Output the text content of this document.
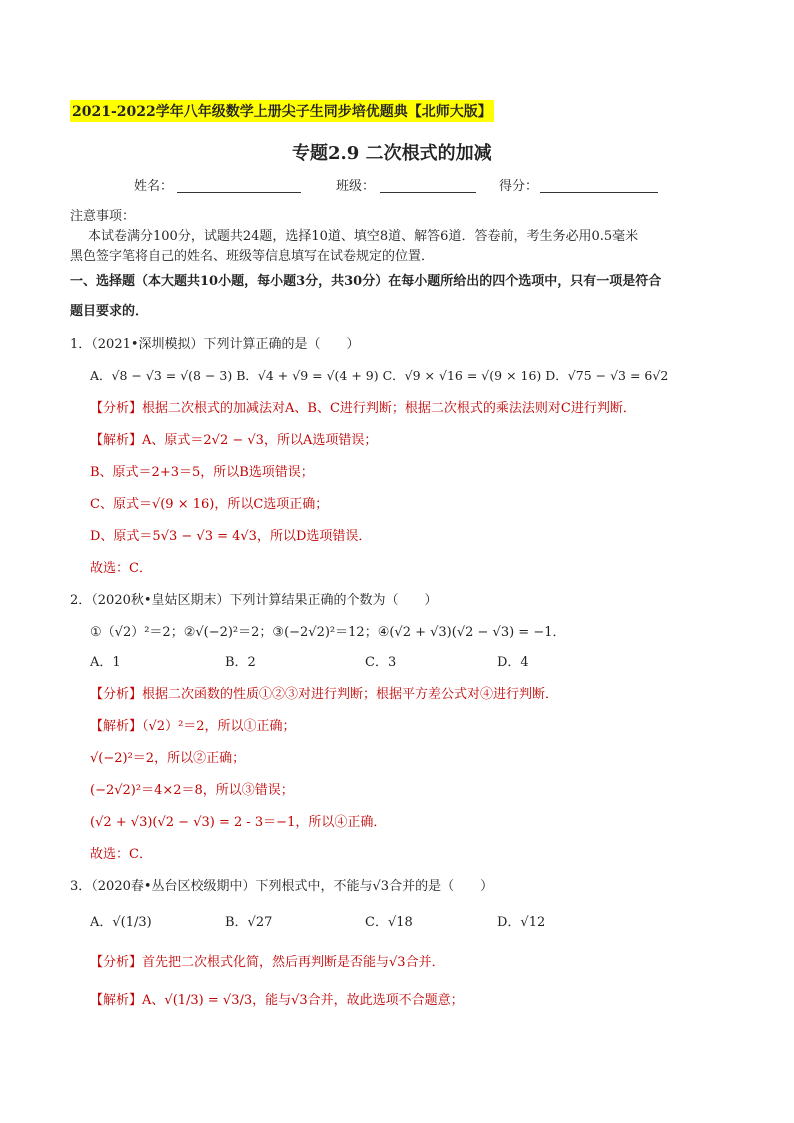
2021-2022学年八年级数学上册尖子生同步培优题典【北师大版】
专题2.9 二次根式的加减
姓名：	班级：	得分：
注意事项：
本试卷满分100分，试题共24题，选择10道、填空8道、解答6道．答卷前，考生务必用0.5毫米
黑色签字笔将自己的姓名、班级等信息填写在试卷规定的位置．
一、选择题（本大题共10小题，每小题3分，共30分）在每小题所给出的四个选项中，只有一项是符合
题目要求的．
1．（2021•深圳模拟）下列计算正确的是（　　）
A．√8 − √3 = √(8 − 3) B．√4 + √9 = √(4 + 9) C．√9 × √16 = √(9 × 16) D．√75 − √3 = 6√2
【分析】根据二次根式的加减法对A、B、C进行判断；根据二次根式的乘法法则对C进行判断．
【解析】A、原式＝2√2 − √3，所以A选项错误；
B、原式＝2+3＝5，所以B选项错误；
C、原式＝√(9 × 16)，所以C选项正确；
D、原式＝5√3 − √3 = 4√3，所以D选项错误．
故选：C．
2．（2020秋•皇姑区期末）下列计算结果正确的个数为（　　）
①（√2）²＝2；②√(−2)²＝2；③(−2√2)²＝12；④(√2 + √3)(√2 − √3) = −1．
A．1	B．2	C．3	D．4
【分析】根据二次函数的性质①②③对进行判断；根据平方差公式对④进行判断．
【解析】（√2）²＝2，所以①正确；
√(−2)²＝2，所以②正确；
(−2√2)²＝4×2＝8，所以③错误；
(√2 + √3)(√2 − √3) = 2 - 3＝−1，所以④正确．
故选：C．
3．（2020春•丛台区校级期中）下列根式中，不能与√3合并的是（　　）
A．√(1/3)	B．√27	C．√18	D．√12
【分析】首先把二次根式化简，然后再判断是否能与√3合并．
【解析】A、√(1/3) = √3/3，能与√3合并，故此选项不合题意；
